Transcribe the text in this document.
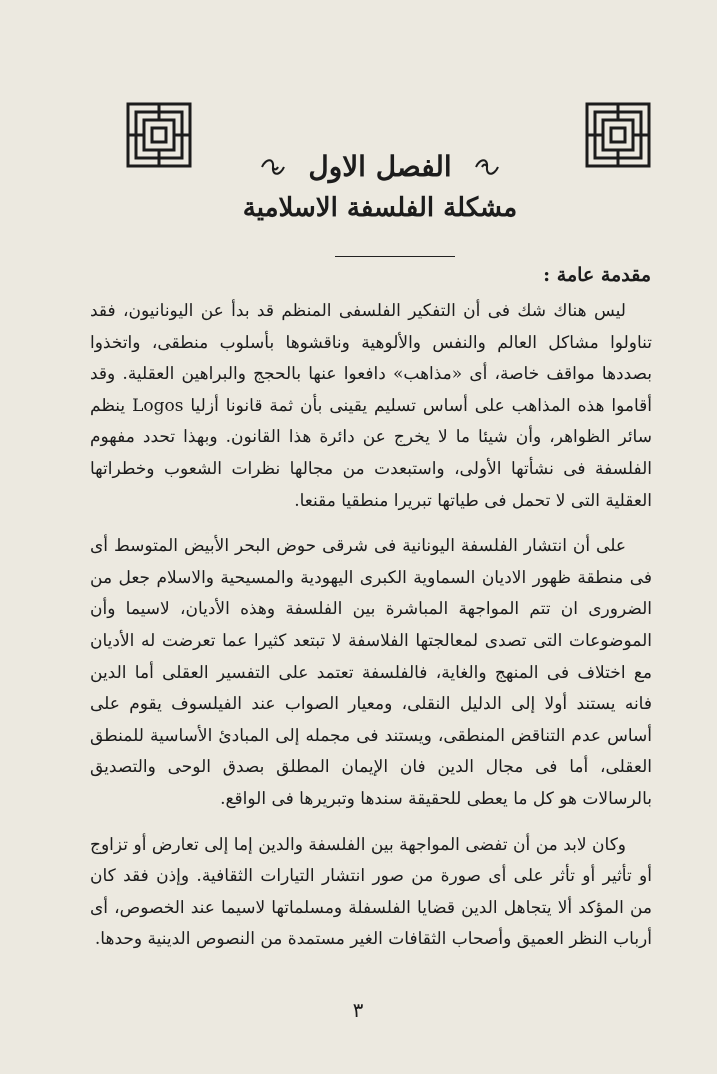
الفصل الاول
مشكلة الفلسفة الاسلامية
مقدمة عامة :

ليس هناك شك فى أن التفكير الفلسفى المنظم قد بدأ عن اليونانيون، فقد تناولوا مشاكل العالم والنفس والألوهية وناقشوها بأسلوب منطقى، واتخذوا بصددها مواقف خاصة، أى «مذاهب» دافعوا عنها بالحجج والبراهين العقلية. وقد أقاموا هذه المذاهب على أساس تسليم يقينى بأن ثمة قانونا أزليا Logos ينظم سائر الظواهر، وأن شيئا ما لا يخرج عن دائرة هذا القانون. وبهذا تحدد مفهوم الفلسفة فى نشأتها الأولى، واستبعدت من مجالها نظرات الشعوب وخطراتها العقلية التى لا تحمل فى طياتها تبريرا منطقيا مقنعا.

على أن انتشار الفلسفة اليونانية فى شرقى حوض البحر الأبيض المتوسط أى فى منطقة ظهور الاديان السماوية الكبرى اليهودية والمسيحية والاسلام جعل من الضرورى ان تتم المواجهة المباشرة بين الفلسفة وهذه الأديان، لاسيما وأن الموضوعات التى تصدى لمعالجتها الفلاسفة لا تبتعد كثيرا عما تعرضت له الأديان مع اختلاف فى المنهج والغاية، فالفلسفة تعتمد على التفسير العقلى أما الدين فانه يستند أولا إلى الدليل النقلى، ومعيار الصواب عند الفيلسوف يقوم على أساس عدم التناقض المنطقى، ويستند فى مجمله إلى المبادئ الأساسية للمنطق العقلى، أما فى مجال الدين فان الإيمان المطلق بصدق الوحى والتصديق بالرسالات هو كل ما يعطى للحقيقة سندها وتبريرها فى الواقع.

وكان لابد من أن تفضى المواجهة بين الفلسفة والدين إما إلى تعارض أو تزاوج أو تأثير أو تأثر على أى صورة من صور انتشار التيارات الثقافية. وإذن فقد كان من المؤكد ألا يتجاهل الدين قضايا الفلسفلة ومسلماتها لاسيما عند الخصوص، أى أرباب النظر العميق وأصحاب الثقافات الغير مستمدة من النصوص الدينية وحدها.

٣
